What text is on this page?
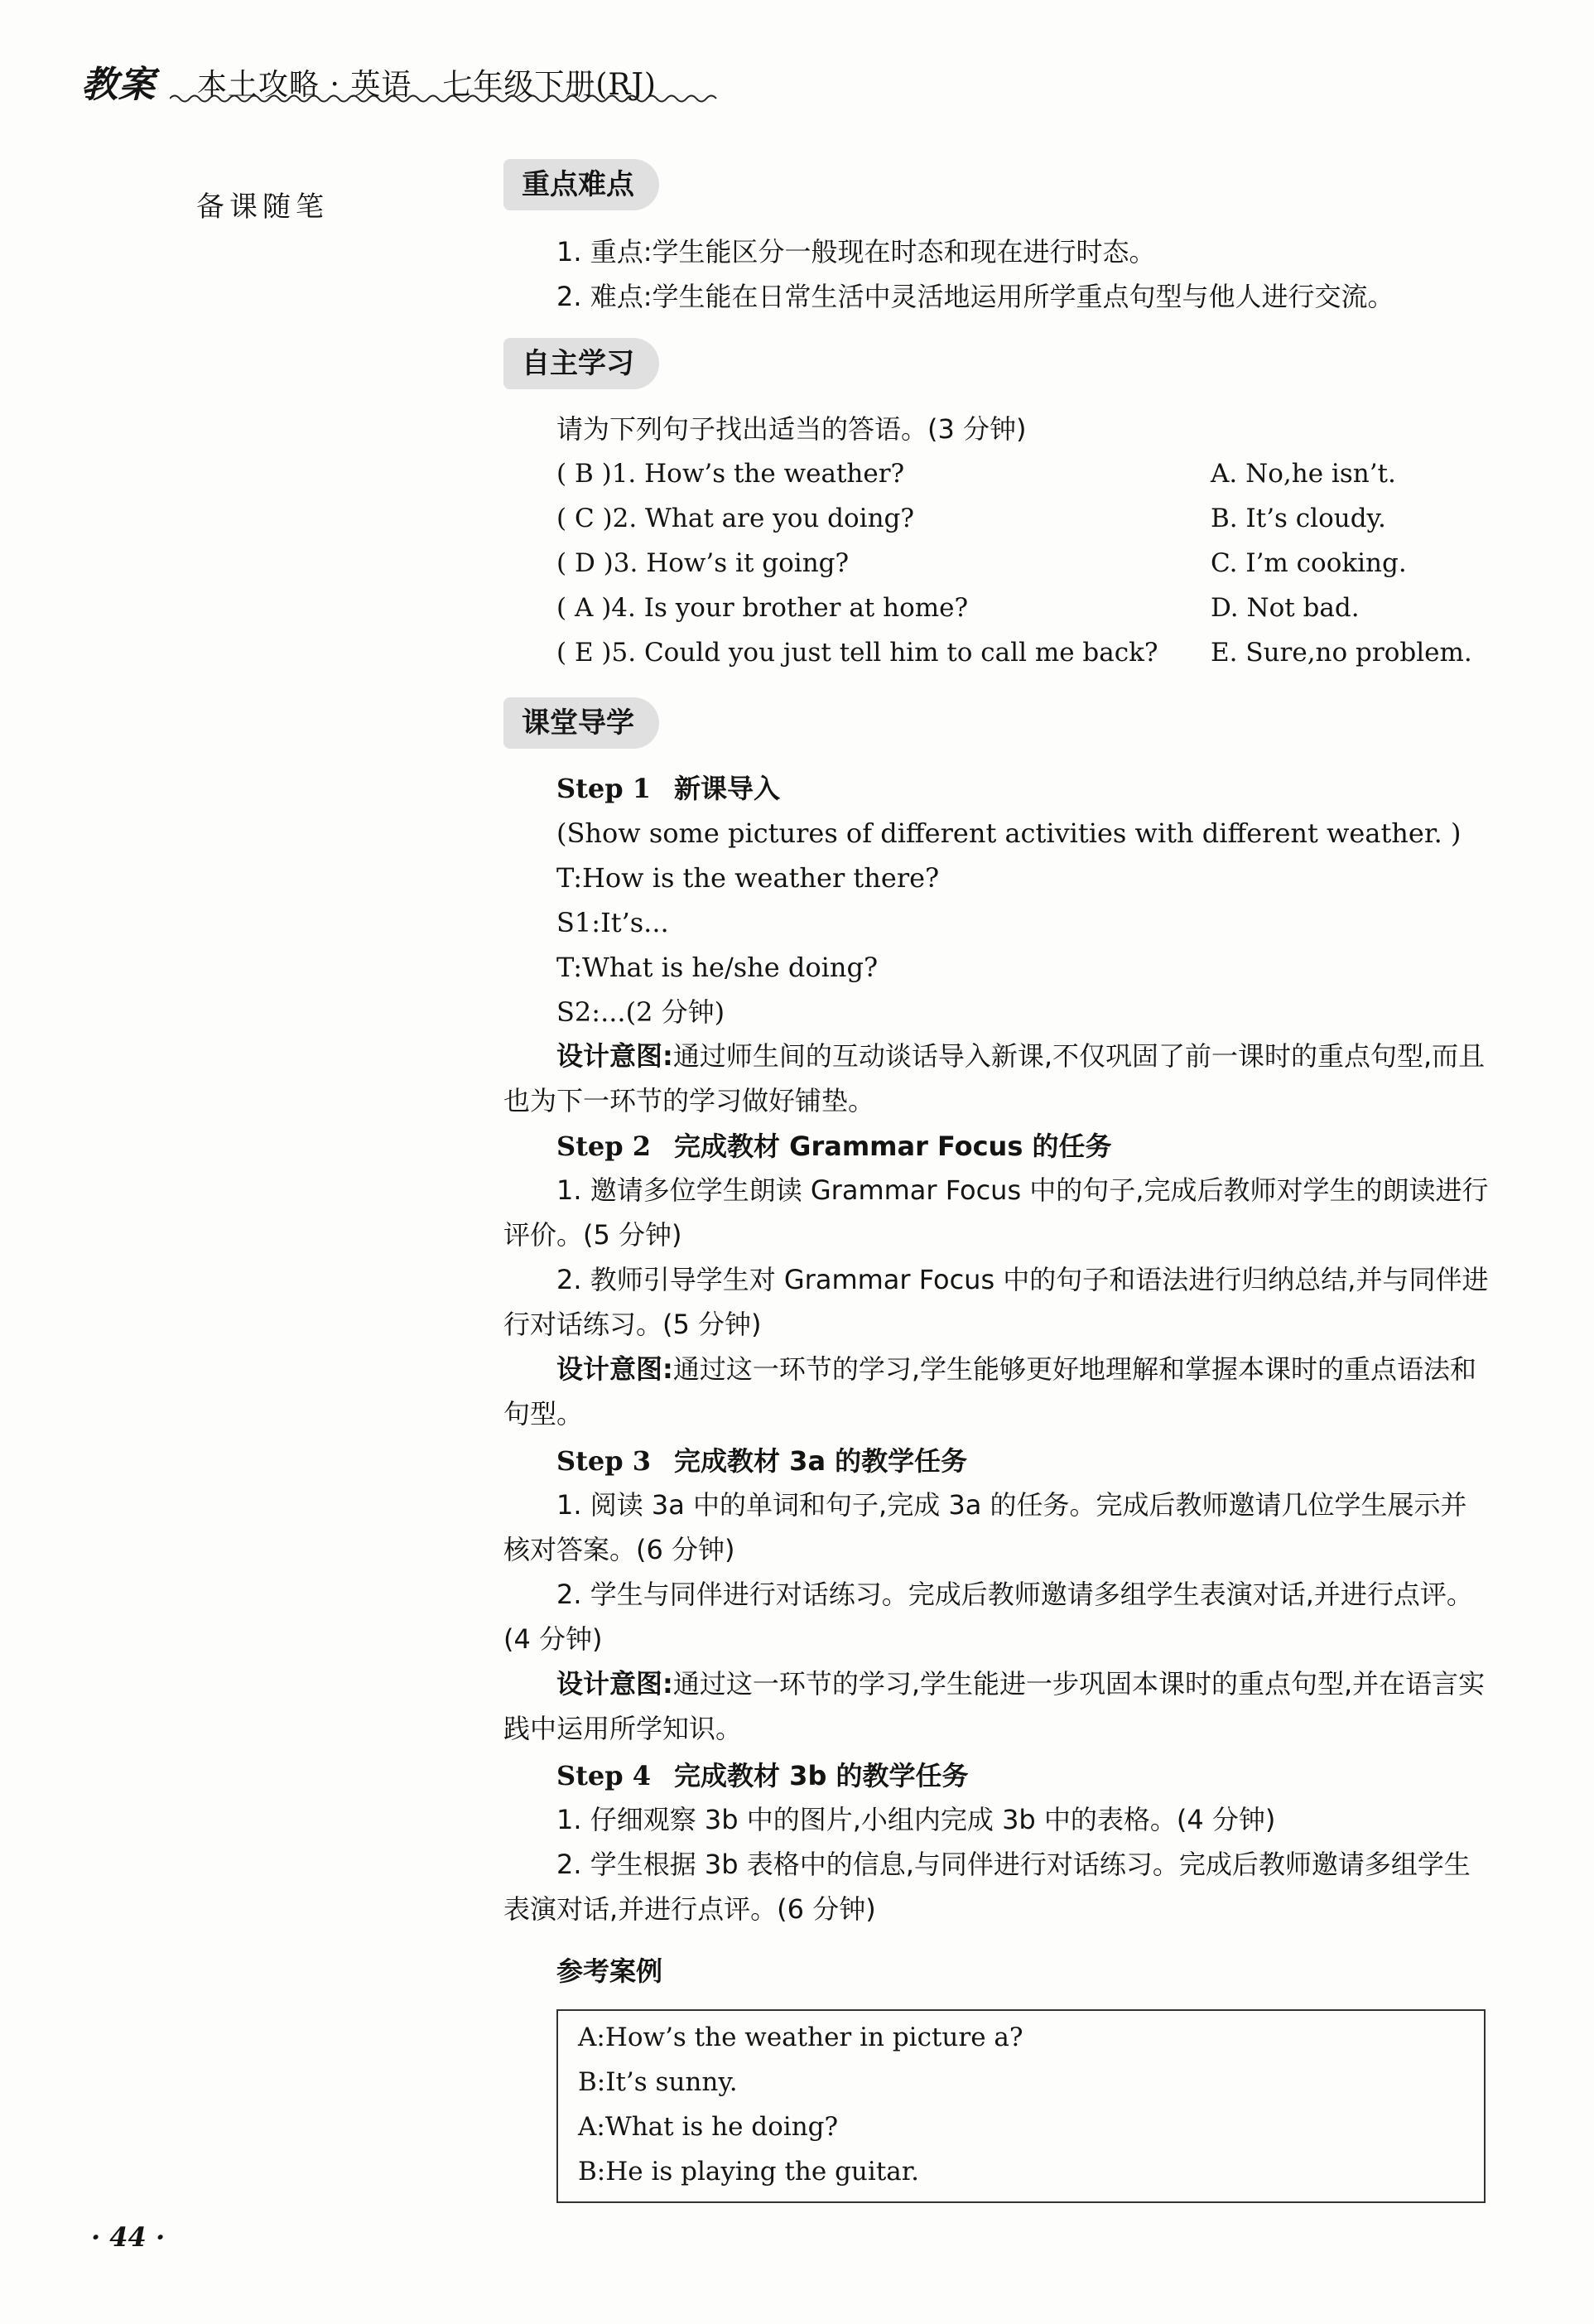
教案 本土攻略 · 英语　七年级下册(RJ)
备课随笔
重点难点
1. 重点:学生能区分一般现在时态和现在进行时态。
2. 难点:学生能在日常生活中灵活地运用所学重点句型与他人进行交流。
自主学习
请为下列句子找出适当的答语。(3 分钟)
( B )1. How’s the weather?
( C )2. What are you doing?
( D )3. How’s it going?
( A )4. Is your brother at home?
( E )5. Could you just tell him to call me back?
A. No,he isn’t.
B. It’s cloudy.
C. I’m cooking.
D. Not bad.
E. Sure,no problem.
课堂导学
Step 1 新课导入
(Show some pictures of different activities with different weather. )
T:How is the weather there?
S1:It’s...
T:What is he/she doing?
S2:...(2 分钟)
设计意图:通过师生间的互动谈话导入新课,不仅巩固了前一课时的重点句型,而且也为下一环节的学习做好铺垫。
Step 2 完成教材 Grammar Focus 的任务
1. 邀请多位学生朗读 Grammar Focus 中的句子,完成后教师对学生的朗读进行评价。(5 分钟)
2. 教师引导学生对 Grammar Focus 中的句子和语法进行归纳总结,并与同伴进行对话练习。(5 分钟)
设计意图:通过这一环节的学习,学生能够更好地理解和掌握本课时的重点语法和句型。
Step 3 完成教材 3a 的教学任务
1. 阅读 3a 中的单词和句子,完成 3a 的任务。完成后教师邀请几位学生展示并核对答案。(6 分钟)
2. 学生与同伴进行对话练习。完成后教师邀请多组学生表演对话,并进行点评。(4 分钟)
设计意图:通过这一环节的学习,学生能进一步巩固本课时的重点句型,并在语言实践中运用所学知识。
Step 4 完成教材 3b 的教学任务
1. 仔细观察 3b 中的图片,小组内完成 3b 中的表格。(4 分钟)
2. 学生根据 3b 表格中的信息,与同伴进行对话练习。完成后教师邀请多组学生表演对话,并进行点评。(6 分钟)
参考案例
A:How’s the weather in picture a?
B:It’s sunny.
A:What is he doing?
B:He is playing the guitar.
· 44 ·
